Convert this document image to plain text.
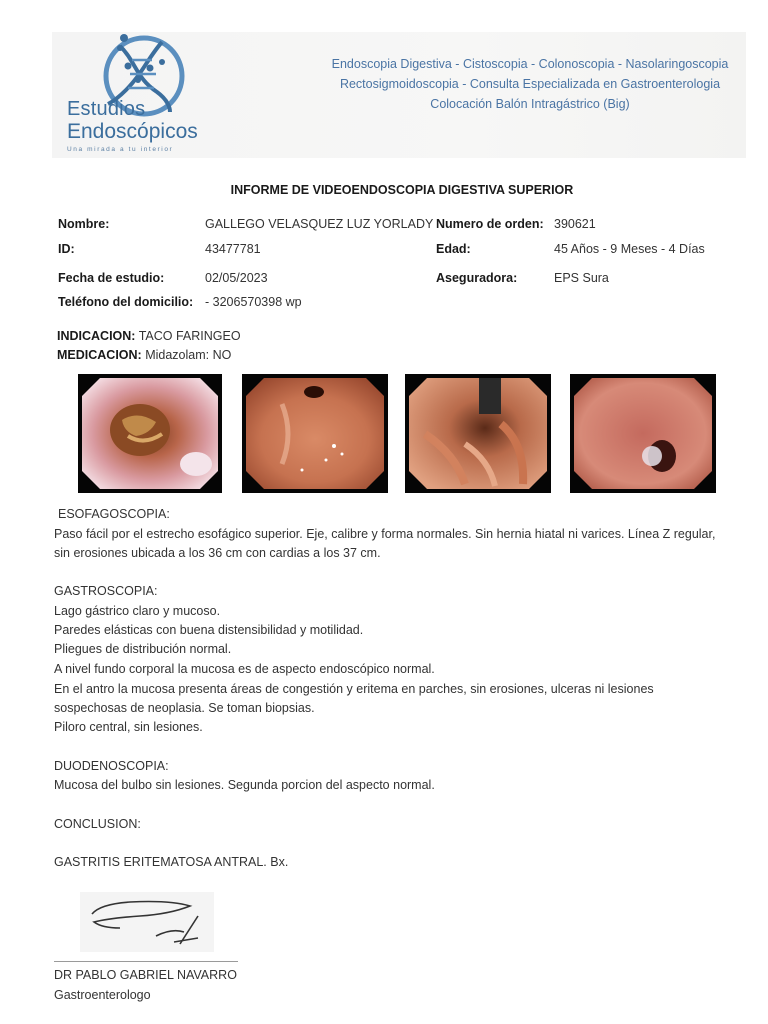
Estudios
Endoscópicos
Una mirada a tu interior
Endoscopia Digestiva - Cistoscopia - Colonoscopia - Nasolaringoscopia
Rectosigmoidoscopia - Consulta Especializada en Gastroenterologia
Colocación Balón Intragástrico (Big)
INFORME DE VIDEOENDOSCOPIA DIGESTIVA SUPERIOR
Nombre:	GALLEGO VELASQUEZ LUZ YORLADY Numero de orden: 390621
ID:	43477781	Edad:	45 Años - 9 Meses - 4 Días
Fecha de estudio:	02/05/2023	Aseguradora:	EPS Sura
Teléfono del domicilio: - 3206570398 wp
INDICACION: TACO FARINGEO
MEDICACION: Midazolam: NO
ESOFAGOSCOPIA:
Paso fácil por el estrecho esofágico superior. Eje, calibre y forma normales. Sin hernia hiatal ni varices. Línea Z regular,
sin erosiones ubicada a los 36 cm con cardias a los 37 cm.
GASTROSCOPIA:
Lago gástrico claro y mucoso.
Paredes elásticas con buena distensibilidad y motilidad.
Pliegues de distribución normal.
A nivel fundo corporal la mucosa es de aspecto endoscópico normal.
En el antro la mucosa presenta áreas de congestión y eritema en parches, sin erosiones, ulceras ni lesiones
sospechosas de neoplasia. Se toman biopsias.
Piloro central, sin lesiones.
DUODENOSCOPIA:
Mucosa del bulbo sin lesiones. Segunda porcion del aspecto normal.
CONCLUSION:
GASTRITIS ERITEMATOSA ANTRAL. Bx.
DR PABLO GABRIEL NAVARRO
Gastroenterologo
